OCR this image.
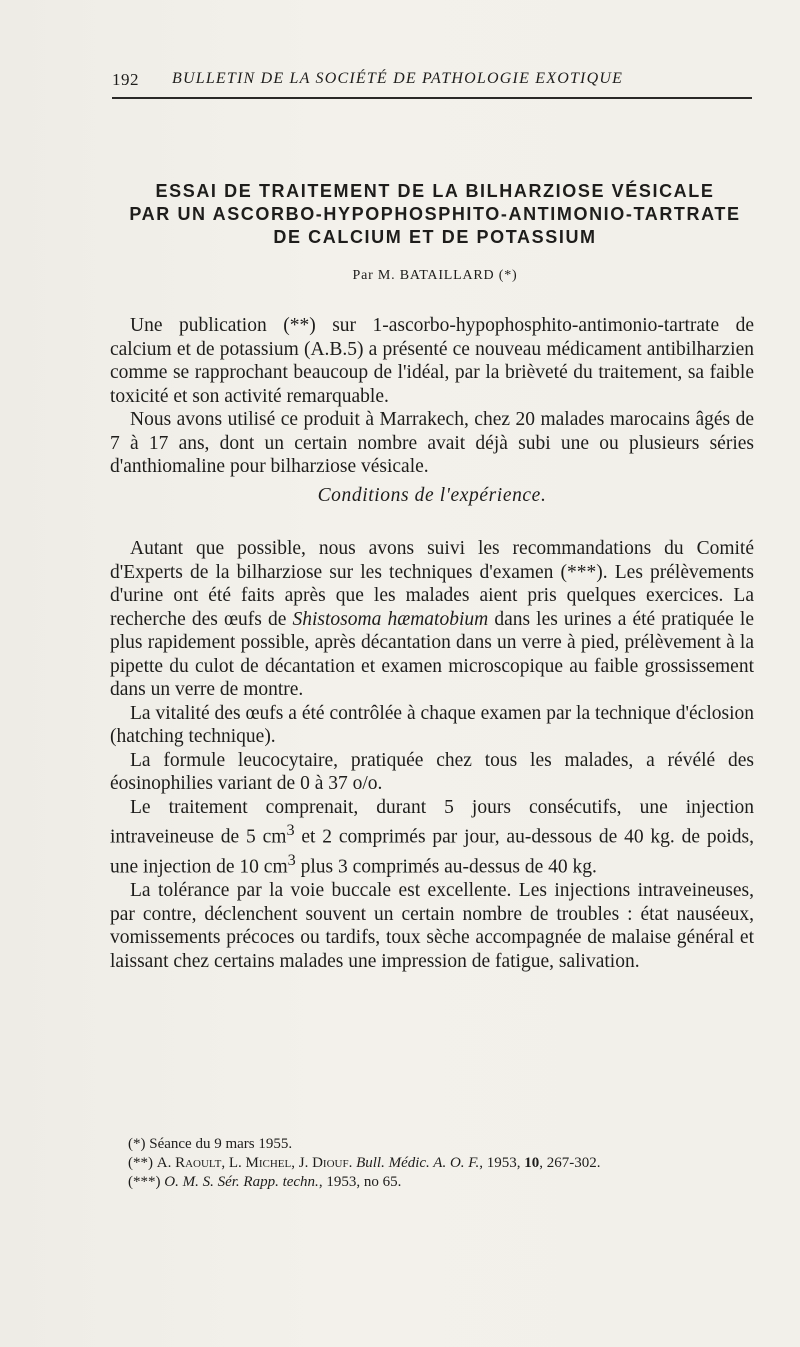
192 BULLETIN DE LA SOCIÉTÉ DE PATHOLOGIE EXOTIQUE
ESSAI DE TRAITEMENT DE LA BILHARZIOSE VÉSICALE
PAR UN ASCORBO-HYPOPHOSPHITO-ANTIMONIO-TARTRATE
DE CALCIUM ET DE POTASSIUM
Par M. BATAILLARD (*)

Une publication (**) sur 1-ascorbo-hypophosphito-antimonio-tartrate de calcium et de potassium (A.B.5) a présenté ce nouveau médicament antibilharzien comme se rapprochant beaucoup de l'idéal, par la brièveté du traitement, sa faible toxicité et son activité remarquable.

Nous avons utilisé ce produit à Marrakech, chez 20 malades marocains âgés de 7 à 17 ans, dont un certain nombre avait déjà subi une ou plusieurs séries d'anthiomaline pour bilharziose vésicale.

Conditions de l'expérience.

Autant que possible, nous avons suivi les recommandations du Comité d'Experts de la bilharziose sur les techniques d'examen (***). Les prélèvements d'urine ont été faits après que les malades aient pris quelques exercices. La recherche des œufs de Shistosoma hæmatobium dans les urines a été pratiquée le plus rapidement possible, après décantation dans un verre à pied, prélèvement à la pipette du culot de décantation et examen microscopique au faible grossissement dans un verre de montre.

La vitalité des œufs a été contrôlée à chaque examen par la technique d'éclosion (hatching technique).

La formule leucocytaire, pratiquée chez tous les malades, a révélé des éosinophilies variant de 0 à 37 o/o.

Le traitement comprenait, durant 5 jours consécutifs, une injection intraveineuse de 5 $cm^3$ et 2 comprimés par jour, au-dessous de 40 kg. de poids, une injection de 10 $cm^3$ plus 3 comprimés au-dessus de 40 kg.

La tolérance par la voie buccale est excellente. Les injections intraveineuses, par contre, déclenchent souvent un certain nombre de troubles : état nauséeux, vomissements précoces ou tardifs, toux sèche accompagnée de malaise général et laissant chez certains malades une impression de fatigue, salivation.

(*) Séance du 9 mars 1955.
(**) A. Raoult, L. Michel, J. Diouf. Bull. Médic. A. O. F., 1953, 10, 267-302.
(***) O. M. S. Sér. Rapp. techn., 1953, no 65.
